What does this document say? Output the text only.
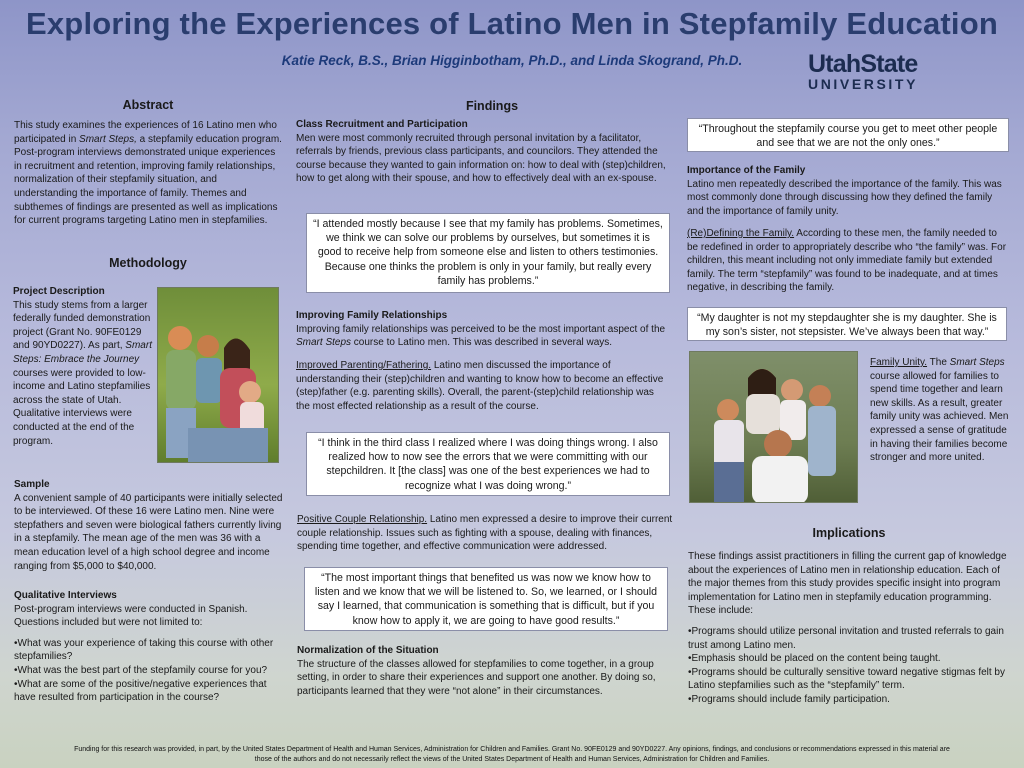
Exploring the Experiences of Latino Men in Stepfamily Education
Katie Reck, B.S., Brian Higginbotham, Ph.D., and Linda Skogrand, Ph.D.	UtahState
UNIVERSITY
Abstract
This study examines the experiences of 16 Latino men who participated in Smart Steps, a stepfamily education program. Post-program interviews demonstrated unique experiences in recruitment and retention, improving family relationships, normalization of their stepfamily situation, and understanding the importance of family. Themes and subthemes of findings are presented as well as implications for current programs targeting Latino men in stepfamilies.
Methodology
Project Description
This study stems from a larger federally funded demonstration project (Grant No. 90FE0129 and 90YD0227). As part, Smart Steps: Embrace the Journey courses were provided to low-income and Latino stepfamilies across the state of Utah. Qualitative interviews were conducted at the end of the program.
Sample
A convenient sample of 40 participants were initially selected to be interviewed. Of these 16 were Latino men. Nine were stepfathers and seven were biological fathers currently living in a stepfamily. The mean age of the men was 36 with a mean education level of a high school degree and income ranging from $5,000 to $40,000.
Qualitative Interviews
Post-program interviews were conducted in Spanish. Questions included but were not limited to:
• What was your experience of taking this course with other stepfamilies?
• What was the best part of the stepfamily course for you?
• What are some of the positive/negative experiences that have resulted from participation in the course?
Findings
Class Recruitment and Participation
Men were most commonly recruited through personal invitation by a facilitator, referrals by friends, previous class participants, and councilors. They attended the course because they wanted to gain information on: how to deal with (step)children, how to get along with their spouse, and how to effectively deal with an ex-spouse.
“I attended mostly because I see that my family has problems. Sometimes, we think we can solve our problems by ourselves, but sometimes it is good to receive help from someone else and listen to others testimonies. Because one thinks the problem is only in your family, but really every family has problems.”
Improving Family Relationships
Improving family relationships was perceived to be the most important aspect of the Smart Steps course to Latino men. This was described in several ways.
Improved Parenting/Fathering. Latino men discussed the importance of understanding their (step)children and wanting to know how to become an effective (step)father (e.g. parenting skills). Overall, the parent-(step)child relationship was the most effected relationship as a result of the course.
“I think in the third class I realized where I was doing things wrong. I also realized how to now see the errors that we were committing with our stepchildren. It [the class] was one of the best experiences we had to recognize what I was doing wrong.”
Positive Couple Relationship. Latino men expressed a desire to improve their current couple relationship. Issues such as fighting with a spouse, dealing with finances, spending time together, and effective communication were addressed.
“The most important things that benefited us was now we know how to listen and we know that we will be listened to. So, we learned, or I should say I learned, that communication is something that is difficult, but if you know how to apply it, we are going to have good results.”
Normalization of the Situation
The structure of the classes allowed for stepfamilies to come together, in a group setting, in order to share their experiences and support one another. By doing so, participants learned that they were “not alone” in their circumstances.
“Throughout the stepfamily course you get to meet other people and see that we are not the only ones.”
Importance of the Family
Latino men repeatedly described the importance of the family. This was most commonly done through discussing how they defined the family and the importance of family unity.
(Re)Defining the Family. According to these men, the family needed to be redefined in order to appropriately describe who “the family” was. For children, this meant including not only immediate family but extended family. The term “stepfamily” was found to be inadequate, and at times negative, in describing the family.
“My daughter is not my stepdaughter she is my daughter. She is my son’s sister, not stepsister. We’ve always been that way.”
Family Unity. The Smart Steps course allowed for families to spend time together and learn new skills. As a result, greater family unity was achieved. Men expressed a sense of gratitude in having their families become stronger and more united.
Implications
These findings assist practitioners in filling the current gap of knowledge about the experiences of Latino men in relationship education. Each of the major themes from this study provides specific insight into program implementation for Latino men in stepfamily education programming. These include:
• Programs should utilize personal invitation and trusted referrals to gain trust among Latino men.
• Emphasis should be placed on the content being taught.
• Programs should be culturally sensitive toward negative stigmas felt by Latino stepfamilies such as the “stepfamily” term.
• Programs should include family participation.
Funding for this research was provided, in part, by the United States Department of Health and Human Services, Administration for Children and Families. Grant No. 90FE0129 and 90YD0227. Any opinions, findings, and conclusions or recommendations expressed in this material are
those of the authors and do not necessarily reflect the views of the United States Department of Health and Human Services, Administration for Children and Families.
